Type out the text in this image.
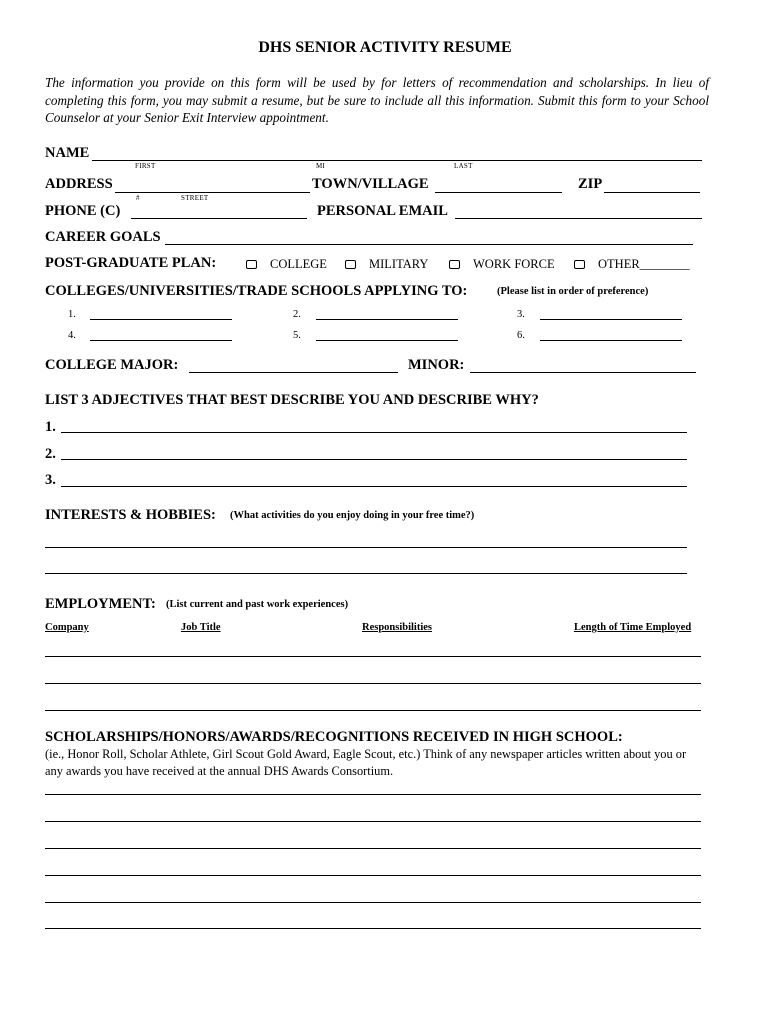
DHS SENIOR ACTIVITY RESUME
The information you provide on this form will be used by for letters of recommendation and scholarships. In lieu of completing this form, you may submit a resume, but be sure to include all this information. Submit this form to your School Counselor at your Senior Exit Interview appointment.
NAME
FIRST	MI	LAST
ADDRESS
#	STREET
TOWN/VILLAGE	ZIP
PHONE (C)	PERSONAL EMAIL
CAREER GOALS
POST-GRADUATE PLAN:	COLLEGE	MILITARY	WORK FORCE	OTHER________
COLLEGES/UNIVERSITIES/TRADE SCHOOLS APPLYING TO:	(Please list in order of preference)
1.	2.	3.
4.	5.	6.
COLLEGE MAJOR:	MINOR:
LIST 3 ADJECTIVES THAT BEST DESCRIBE YOU AND DESCRIBE WHY?
1.
2.
3.
INTERESTS & HOBBIES: (What activities do you enjoy doing in your free time?)
EMPLOYMENT: (List current and past work experiences)
Company	Job Title	Responsibilities	Length of Time Employed
SCHOLARSHIPS/HONORS/AWARDS/RECOGNITIONS RECEIVED IN HIGH SCHOOL:
(ie., Honor Roll, Scholar Athlete, Girl Scout Gold Award, Eagle Scout, etc.) Think of any newspaper articles written about you or any awards you have received at the annual DHS Awards Consortium.
